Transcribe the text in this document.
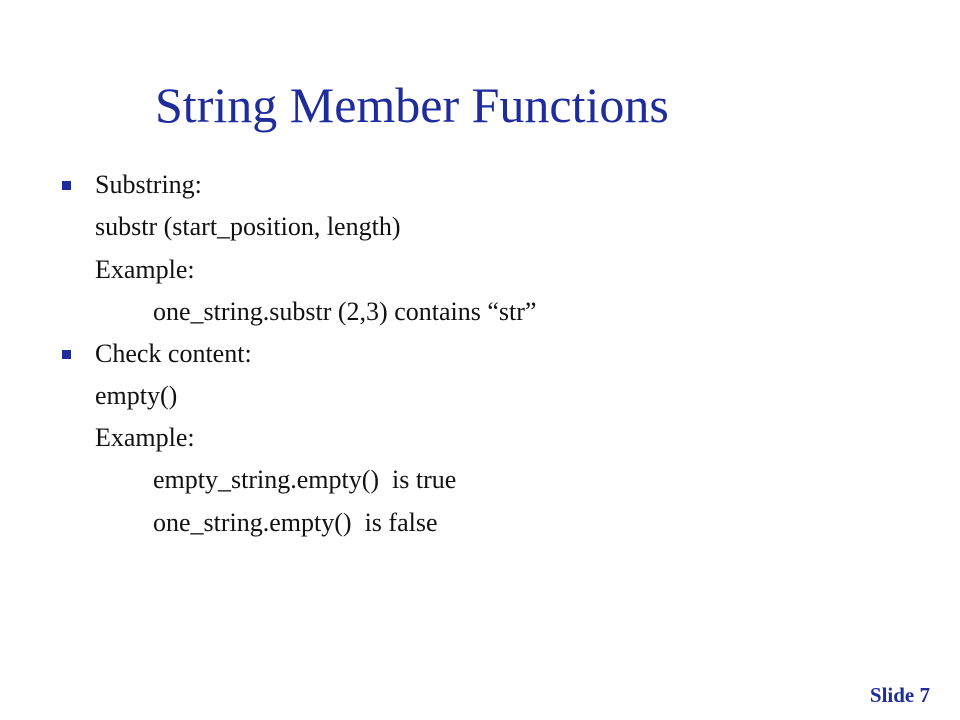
String Member Functions
Substring:
substr (start_position, length)
Example:
one_string.substr (2,3) contains “str”
Check content:
empty()
Example:
empty_string.empty()  is true
one_string.empty()  is false
Slide 7
